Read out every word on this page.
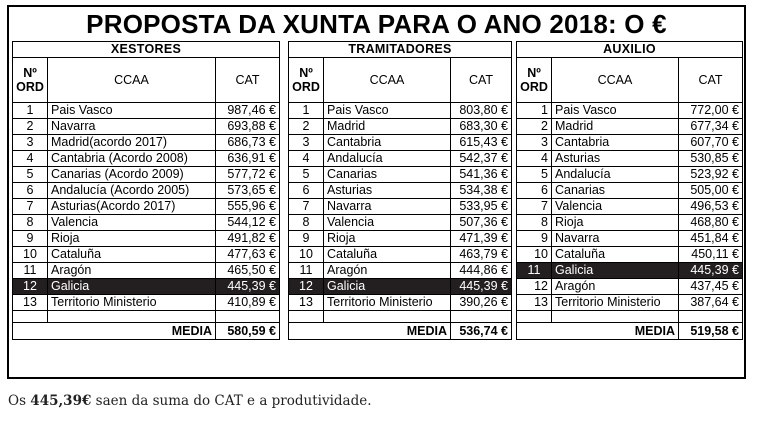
PROPOSTA DA XUNTA PARA O ANO 2018: O €
XESTORES		
Nº
ORD	CCAA	CAT
1	Pais Vasco	987,46 €
2	Navarra	693,88 €
3	Madrid(acordo 2017)	686,73 €
4	Cantabria (Acordo 2008)	636,91 €
5	Canarias (Acordo 2009)	577,72 €
6	Andalucía (Acordo 2005)	573,65 €
7	Asturias(Acordo 2017)	555,96 €
8	Valencia	544,12 €
9	Rioja	491,82 €
10	Cataluña	477,63 €
11	Aragón	465,50 €
12	Galicia	445,39 €
13	Territorio Ministerio	410,89 €

MEDIA		580,59 €
TRAMITADORES		
Nº
ORD	CCAA	CAT
1	Pais Vasco	803,80 €
2	Madrid	683,30 €
3	Cantabria	615,43 €
4	Andalucía	542,37 €
5	Canarias	541,36 €
6	Asturias	534,38 €
7	Navarra	533,95 €
8	Valencia	507,36 €
9	Rioja	471,39 €
10	Cataluña	463,79 €
11	Aragón	444,86 €
12	Galicia	445,39 €
13	Territorio Ministerio	390,26 €

MEDIA		536,74 €
AUXILIO		
Nº
ORD	CCAA	CAT
1	Pais Vasco	772,00 €
2	Madrid	677,34 €
3	Cantabria	607,70 €
4	Asturias	530,85 €
5	Andalucía	523,92 €
6	Canarias	505,00 €
7	Valencia	496,53 €
8	Rioja	468,80 €
9	Navarra	451,84 €
10	Cataluña	450,11 €
11	Galicia	445,39 €
12	Aragón	437,45 €
13	Territorio Ministerio	387,64 €

MEDIA		519,58 €
Os 445,39€ saen da suma do CAT e a produtividade.
